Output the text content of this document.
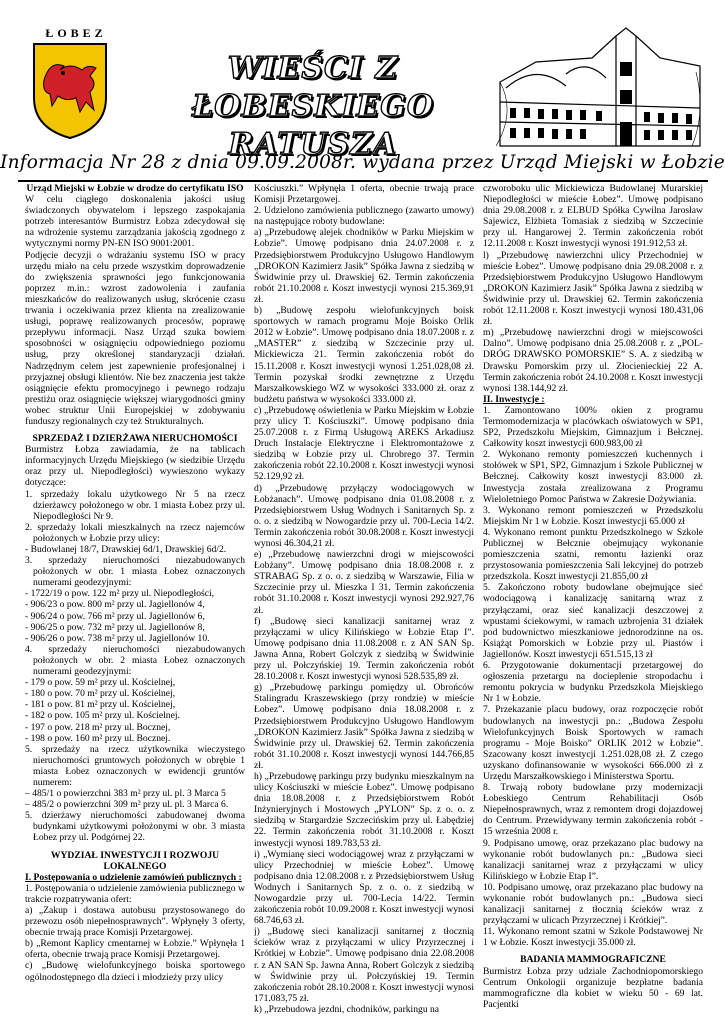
ŁOBEZ
WIEŚCI Z ŁOBESKIEGO
RATUSZA
Informacja Nr 28 z dnia 09.09.2008r. wydana przez Urząd Miejski w Łobzie

Urząd Miejski w Łobzie w drodze do certyfikatu ISO

W celu ciągłego doskonalenia jakości usług świadczonych obywatelom i lepszego zaspokajania potrzeb interesantów Burmistrz Łobza zdecydował się na wdrożenie systemu zarządzania jakością zgodnego z wytycznymi normy PN-EN ISO 9001:2001.

Podjęcie decyzji o wdrażaniu systemu ISO w pracy urzędu miało na celu przede wszystkim doprowadzenie do zwiększenia sprawności jego funkcjonowania poprzez m.in.: wzrost zadowolenia i zaufania mieszkańców do realizowanych usług, skrócenie czasu trwania i oczekiwania przez klienta na zrealizowanie usługi, poprawę realizowanych procesów, poprawę przepływu informacji. Nasz Urząd szuka bowiem sposobności w osiągnięciu odpowiedniego poziomu usług, przy określonej standaryzacji działań. Nadrzędnym celem jest zapewnienie profesjonalnej i przyjaznej obsługi klientów. Nie bez znaczenia jest także osiągnięcie efektu promocyjnego i pewnego rodzaju prestiżu oraz osiągnięcie większej wiarygodności gminy wobec struktur Unii Europejskiej w zdobywaniu funduszy regionalnych czy też Strukturalnych.

SPRZEDAŻ I DZIERŻAWA NIERUCHOMOŚCI

Burmistrz Łobza zawiadamia, że na tablicach informacyjnych Urzędu Miejskiego (w siedzibie Urzędu oraz przy ul. Niepodległości) wywieszono wykazy dotyczące:

1. sprzedaży lokalu użytkowego Nr 5 na rzecz dzierżawcy położonego w obr. 1 miasta Łobez przy ul. Niepodległości Nr 9.

2. sprzedaży lokali mieszkalnych na rzecz najemców położonych w Łobzie przy ulicy:

- Budowlanej 18/7, Drawskiej 6d/1, Drawskiej 6d/2.

3. sprzedaży nieruchomości niezabudowanych położonych w obr. 1 miasta Łobez oznaczonych numerami geodezyjnymi:

- 1722/19 o pow. 122 m² przy ul. Niepodległości,

- 906/23 o pow. 800 m² przy ul. Jagiellonów 4,

- 906/24 o pow. 766 m² przy ul. Jagiellonów 6,

- 906/25 o pow. 732 m² przy ul. Jagiellonów 8,

- 906/26 o pow. 738 m² przy ul. Jagiellonów 10.

4. sprzedaży nieruchomości niezabudowanych położonych w obr. 2 miasta Łobez oznaczonych numerami geodezyjnymi:

- 179 o pow. 59 m² przy ul. Kościelnej,

- 180 o pow. 70 m² przy ul. Kościelnej,

- 181 o pow. 81 m² przy ul. Kościelnej,

- 182 o pow. 105 m² przy ul. Kościelnej.

- 197 o pow. 218 m² przy ul. Bocznej,

- 198 o pow. 160 m² przy ul. Bocznej.

5. sprzedaży na rzecz użytkownika wieczystego nieruchomości gruntowych położonych w obrębie 1 miasta Łobez oznaczonych w ewidencji gruntów numerem:

– 485/1 o powierzchni 383 m² przy ul. pl. 3 Marca 5

– 485/2 o powierzchni 309 m² przy ul. pl. 3 Marca 6.

5. dzierżawy nieruchomości zabudowanej dwoma budynkami użytkowymi położonymi w obr. 3 miasta Łobez przy ul. Podgórnej 22.

WYDZIAŁ INWESTYCJI I ROZWOJU

LOKALNEGO

I. Postępowania o udzielenie zamówień publicznych :

1. Postępowania o udzielenie zamówienia publicznego w trakcie rozpatrywania ofert:

a) „Zakup i dostawa autobusu przystosowanego do przewozu osób niepełnosprawnych”. Wpłynęły 3 oferty, obecnie trwają prace Komisji Przetargowej.

b) „Remont Kaplicy cmentarnej w Łobzie.” Wpłynęła 1 oferta, obecnie trwają prace Komisji Przetargowej.

c) „Budowę wielofunkcyjnego boiska sportowego ogólnodostępnego dla dzieci i młodzieży przy ulicy

Kościuszki.” Wpłynęła 1 oferta, obecnie trwają prace Komisji Przetargowej.

2. Udzielono zamówienia publicznego (zawarto umowy) na następujące roboty budowlane:

a) „Przebudowę alejek chodników w Parku Miejskim w Łobzie”. Umowę podpisano dnia 24.07.2008 r. z Przedsiębiorstwem Produkcyjno Usługowo Handlowym „DROKON Kazimierz Jasik” Spółka Jawna z siedzibą w Świdwinie przy ul. Drawskiej 62. Termin zakończenia robót 21.10.2008 r. Koszt inwestycji wynosi 215.369,91 zł.

b) „Budowę zespołu wielofunkcyjnych boisk sportowych w ramach programu Moje Boisko Orlik 2012 w Łobzie”. Umowę podpisano dnia 18.07.2008 r. z „MASTER” z siedzibą w Szczecinie przy ul. Mickiewicza 21. Termin zakończenia robót do 15.11.2008 r. Koszt inwestycji wynosi 1.251.028,08 zł. Termin pozyskał środki zewnętrzne z Urzędu Marszałkowskiego WZ w wysokości 333.000 zł. oraz z budżetu państwa w wysokości 333.000 zł.

c) „Przebudowę oświetlenia w Parku Miejskim w Łobzie przy ulicy T. Kościuszki”. Umowę podpisano dnia 25.07.2008 r. z Firmą Usługową AREKS Arkadiusz Druch Instalacje Elektryczne i Elektromontażowe z siedzibą w Łobzie przy ul. Chrobrego 37. Termin zakończenia robót 22.10.2008 r. Koszt inwestycji wynosi 52.129,92 zł.

d) „Przebudowę przyłączy wodociągowych w Łobżanach”. Umowę podpisano dnia 01.08.2008 r. z Przedsiębiorstwem Usług Wodnych i Sanitarnych Sp. z o. o. z siedzibą w Nowogardzie przy ul. 700-Lecia 14/2. Termin zakończenia robót 30.08.2008 r. Koszt inwestycji wynosi 46.304,21 zł.

e) „Przebudowę nawierzchni drogi w miejscowości Łobżany”. Umowę podpisano dnia 18.08.2008 r. z STRABAG Sp. z o. o. z siedzibą w Warszawie, Filia w Szczecinie przy ul. Mieszka I 31. Termin zakończenia robót 31.10.2008 r. Koszt inwestycji wynosi 292.927,76 zł.

f) „Budowę sieci kanalizacji sanitarnej wraz z przyłączami w ulicy Kilińskiego w Łobzie Etap I”. Umowę podpisano dnia 11.08.2008 r. z AN SAN Sp. Jawna Anna, Robert Golczyk z siedzibą w Świdwinie przy ul. Połczyńskiej 19. Termin zakończenia robót 28.10.2008 r. Koszt inwestycji wynosi 528.535,89 zł.

g) „Przebudowę parkingu pomiędzy ul. Obrońców Stalingradu Kraszewskiego (przy rondzie) w mieście Łobez”. Umowę podpisano dnia 18.08.2008 r. z Przedsiębiorstwem Produkcyjno Usługowo Handlowym „DROKON Kazimierz Jasik” Spółka Jawna z siedzibą w Świdwinie przy ul. Drawskiej 62. Termin zakończenia robót 31.10.2008 r. Koszt inwestycji wynosi 144.766,85 zł.

h) „Przebudowę parkingu przy budynku mieszkalnym na ulicy Kościuszki w mieście Łobez”. Umowę podpisano dnia 18.08.2008 r. z Przedsiębiorstwem Robót Inżynieryjnych i Mostowych „PYLON” Sp. z o. o. z siedzibą w Stargardzie Szczecińskim przy ul. Łabędziej 22. Termin zakończenia robót 31.10.2008 r. Koszt inwestycji wynosi 189.783,53 zł.

i) „Wymianę sieci wodociągowej wraz z przyłączami w ulicy Przechodniej w mieście Łobez”. Umowę podpisano dnia 12.08.2008 r. z Przedsiębiorstwem Usług Wodnych i Sanitarnych Sp. z o. o. z siedzibą w Nowogardzie przy ul. 700-Lecia 14/22. Termin zakończenia robót 10.09.2008 r. Koszt inwestycji wynosi 68.746,63 zł.

j) „Budowę sieci kanalizacji sanitarnej z tłocznią ścieków wraz z przyłączami w ulicy Przyrzecznej i Krótkiej w Łobzie”. Umowę podpisano dnia 22.08.2008 r. z AN SAN Sp. Jawna Anna, Robert Golczyk z siedzibą w Świdwinie przy ul. Połczyńskiej 19. Termin zakończenia robót 28.10.2008 r. Koszt inwestycji wynosi 171.083,75 zł.

k) „Przebudowa jezdni, chodników, parkingu na

czworoboku ulic Mickiewicza Budowlanej Murarskiej Niepodległości w mieście Łobez”. Umowę podpisano dnia 29.08.2008 r. z ELBUD Spółka Cywilna Jarosław Sajewicz, Elżbieta Tomasiak z siedzibą w Szczecinie przy ul. Hangarowej 2. Termin zakończenia robót 12.11.2008 r. Koszt inwestycji wynosi 191.912,53 zł.

l) „Przebudowę nawierzchni ulicy Przechodniej w mieście Łobez”. Umowę podpisano dnia 29.08.2008 r. z Przedsiębiorstwem Produkcyjno Usługowo Handlowym „DROKON Kazimierz Jasik” Spółka Jawna z siedzibą w Świdwinie przy ul. Drawskiej 62. Termin zakończenia robót 12.11.2008 r. Koszt inwestycji wynosi 180.431,06 zł.

m) „Przebudowę nawierzchni drogi w miejscowości Dalno”. Umowę podpisano dnia 25.08.2008 r. z „POL-DRÓG DRAWSKO POMORSKIE” S. A. z siedzibą w Drawsku Pomorskim przy ul. Złocienieckiej 22 A. Termin zakończenia robót 24.10.2008 r. Koszt inwestycji wynosi 138.144,92 zł.

II. Inwestycje :

1. Zamontowano 100% okien z programu Termomodernizacja w placówkach oświatowych w SP1, SP2, Przedszkolu Miejskim, Gimnazjum i Bełcznej. Całkowity koszt inwestycji 600.983,00 zł

2. Wykonano remonty pomieszczeń kuchennych i stołówek w SP1, SP2, Gimnazjum i Szkole Publicznej w Bełcznej. Całkowity koszt inwestycji 83.000 zł. Inwestycja została zrealizowana z Programu Wieloletniego Pomoc Państwa w Zakresie Dożywiania.

3. Wykonano remont pomieszczeń w Przedszkolu Miejskim Nr 1 w Łobzie. Koszt inwestycji 65.000 zł

4. Wykonano remont punktu Przedszkolnego w Szkole Publicznej w Bełcznie obejmujący wykonanie pomieszczenia szatni, remontu łazienki oraz przystosowania pomieszczenia Sali lekcyjnej do potrzeb przedszkola. Koszt inwestycji 21.855,00 zł

5. Zakończono roboty budowlane obejmujące sieć wodociągową i kanalizację sanitarną wraz z przyłączami, oraz sieć kanalizacji deszczowej z wpustami ściekowymi, w ramach uzbrojenia 31 działek pod budownictwo mieszkaniowe jednorodzinne na os. Książąt Pomorskich w Łobzie przy ul. Piastów i Jagiellonów. Koszt inwestycji 651.515,13 zł

6. Przygotowanie dokumentacji przetargowej do ogłoszenia przetargu na dociepleniе stropodachu i remontu pokrycia w budynku Przedszkola Miejskiego Nr 1 w Łobzie.

7. Przekazanie placu budowy, oraz rozpoczęcie robót budowlanych na inwestycji pn.: „Budowa Zespołu Wielofunkcyjnych Boisk Sportowych w ramach programu - Moje Boisko” ORLIK 2012 w Łobzie”. Szacowany koszt inwestycji 1.251.028,08 zł. Z czego uzyskano dofinansowanie w wysokości 666.000 zł z Urzędu Marszałkowskiego i Ministerstwa Sportu.

8. Trwają roboty budowlane przy modernizacji Łobeskiego Centrum Rehabilitacji Osób Niepełnosprawnych, wraz z remontem drogi dojazdowej do Centrum. Przewidywany termin zakończenia robót - 15 września 2008 r.

9. Podpisano umowę, oraz przekazano plac budowy na wykonanie robót budowlanych pn.: „Budowa sieci kanalizacji sanitarnej wraz z przyłączami w ulicy Kilińskiego w Łobzie Etap I”.

10. Podpisano umowę, oraz przekazano plac budowy na wykonanie robót budowlanych pn.: „Budowa sieci kanalizacji sanitarnej z tłocznią ścieków wraz z przyłączami w ulicach Przyrzecznej i Krótkiej”.

11. Wykonano remont szatni w Szkole Podstawowej Nr 1 w Łobzie. Koszt inwestycji 35.000 zł.

BADANIA MAMMOGRAFICZNE

Burmistrz Łobza przy udziale Zachodniopomorskiego Centrum Onkologii organizuje bezpłatne badania mammograficzne dla kobiet w wieku 50 - 69 lat. Pacjentki
